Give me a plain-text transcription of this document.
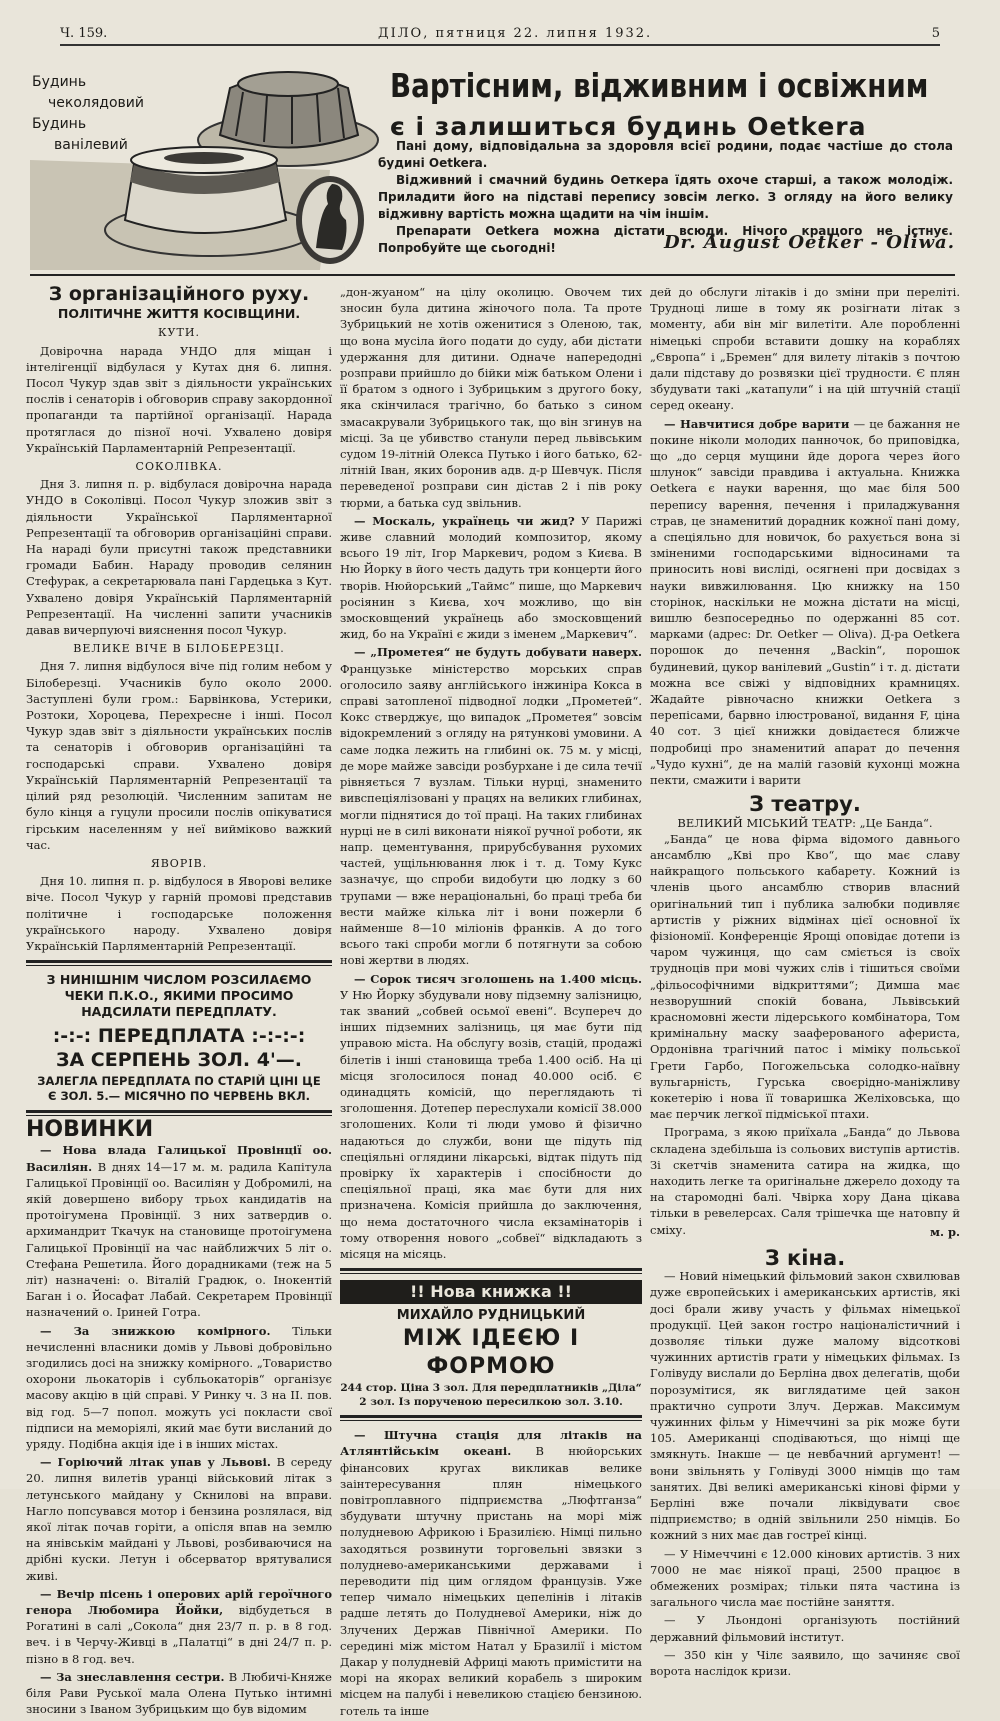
Ч. 159.	ДІЛО, пятниця 22. липня 1932.	5
Будинь
чеколядовий
Будинь
ванілевий
Вартісним, відживним і освіжним
є і залишиться будинь Oetkera

Пані дому, відповідальна за здоровля всієї родини, подає частіше до стола будині Oetkera.

Відживний і смачний будинь Оеткера їдять охоче старші, а також молодіж. Приладити його на підставі перепису зовсім легко. З огляду на його велику відживну вартість можна щадити на чім іншім.

Препарати Oetkera можна дістати всюди. Нічого кращого не істнує. Попробуйте ще сьогодні!	Dr. August Oetker - Oliwa.
З організаційного руху.
ПОЛІТИЧНЕ ЖИТТЯ КОСІВЩИНИ.
КУТИ.

Довірочна нарада УНДО для міщан і інтелігенції відбулася у Кутах дня 6. липня. Посол Чукур здав звіт з діяльности українських послів і сенаторів і обговорив справу закордонної пропаганди та партійної організації. Нарада протяглася до пізної ночі. Ухвалено довіря Українській Парламентарній Репрезентації.

СОКОЛІВКА.

Дня 3. липня п. р. відбулася довірочна нарада УНДО в Соколівці. Посол Чукур зложив звіт з діяльности Української Парляментарної Репрезентації та обговорив організаційні справи. На нараді були присутні також представники громади Бабин. Нараду проводив селянин Стефурак, а секретарювала пані Гардецька з Кут. Ухвалено довіря Українській Парляментарній Репрезентації. На численні запити учасників давав вичерпуючі вияснення посол Чукур.

ВЕЛИКЕ ВІЧЕ В БІЛОБЕРЕЗЦІ.

Дня 7. липня відбулося віче під голим небом у Білоберезці. Учасників було около 2000. Заступлені були гром.: Барвінкова, Устерики, Розтоки, Хороцева, Перехресне і інші. Посол Чукур здав звіт з діяльности українських послів та сенаторів і обговорив організаційні та господарські справи. Ухвалено довіря Українській Парляментарній Репрезентації та цілий ряд резолюцій. Численним запитам не було кінця а гуцули просили послів опікуватися гірським населенням у неї вийміково важкий час.

ЯВОРІВ.

Дня 10. липня п. р. відбулося в Яворові велике віче. Посол Чукур у гарній промові представив політичне і господарське положення українського народу. Ухвалено довіря Українській Парляментарній Репрезентації.

З НИНІШНІМ ЧИСЛОМ РОЗСИЛАЄМО ЧЕКИ П.К.О., ЯКИМИ ПРОСИМО НАДСИЛАТИ ПЕРЕДПЛАТУ.
:-:-: ПЕРЕДПЛАТА :-:-:-:
ЗА СЕРПЕНЬ ЗОЛ. 4'—.
ЗАЛЕГЛА ПЕРЕДПЛАТА ПО СТАРІЙ ЦІНІ ЦЕ Є ЗОЛ. 5.— МІСЯЧНО ПО ЧЕРВЕНЬ ВКЛ.
НОВИНКИ

— Нова влада Галицької Провінції оо. Василіян. В днях 14—17 м. м. радила Капітула Галицької Провінції оо. Василіян у Добромилі, на якій довершено вибору трьох кандидатів на протоігумена Провінції. З них затвердив о. архимандрит Ткачук на становище протоігумена Галицької Провінції на час найближчих 5 літ о. Стефана Решетила. Його дорадниками (теж на 5 літ) назначені: о. Віталій Градюк, о. Інокентій Баган і о. Йосафат Лабай. Секретарем Провінції назначений о. Іриней Готра.

— За знижкою комірного. Тільки нечисленні власники домів у Львові добровільно згодились досі на знижку комірного. „Товариство охорони льокаторів і субльокаторів“ організує масову акцію в цій справі. У Ринку ч. 3 на II. пов. від год. 5—7 попол. можуть усі покласти свої підписи на меморіялі, який має бути висланий до уряду. Подібна акція іде і в інших містах.

— Горіючий літак упав у Львові. В середу 20. липня вилетів уранці військовий літак з летунського майдану у Скнилові на вправи. Нагло попсувався мотор і бензина розлялася, від якої літак почав горіти, а опісля впав на землю на янівськім майдані у Львові, розбиваючися на дрібні куски. Летун і обсерватор врятувалися живі.

— Вечір пісень і оперових арій героїчного генора Любомира Йойки, відбудеться в Рогатині в салі „Сокола“ дня 23/7 п. р. в 8 год. веч. і в Черчу-Живці в „Палатці“ в дні 24/7 п. р. пізно в 8 год. веч.

— За знеславлення сестри. В Любичі-Княже біля Рави Руської мала Олена Путько інтимні зносини з Іваном Зубрицьким що був відомим

„дон-жуаном“ на цілу околицю. Овочем тих зносин була дитина жіночого пола. Та проте Зубрицький не хотів оженитися з Оленою, так, що вона мусіла його подати до суду, аби дістати удержання для дитини. Одначе напередодні розправи прийшло до бійки між батьком Олени і її братом з одного і Зубрицьким з другого боку, яка скінчилася трагічно, бо батько з сином змасакрували Зубрицького так, що він згинув на місці. За це убивство станули перед львівським судом 19-літній Олекса Путько і його батько, 62-літній Іван, яких боронив адв. д-р Шевчук. Після переведеної розправи син дістав 2 і пів року тюрми, а батька суд звільнив.

— Москаль, українець чи жид? У Парижі живе славний молодий композитор, якому всього 19 літ, Ігор Маркевич, родом з Києва. В Ню Йорку в його честь дадуть три концерти його творів. Нюйорський „Таймс“ пише, що Маркевич росіянин з Києва, хоч можливо, що він змосковщений українець або змосковщений жид, бо на Україні є жиди з іменем „Маркевич“.

— „Прометея“ не будуть добувати наверх. Французьке міністерство морських справ оголосило заяву англійського інжиніра Кокса в справі затопленої підводної лодки „Прометей“. Кокс стверджує, що випадок „Прометея“ зовсім відокремлений з огляду на рятункові умовини. А саме лодка лежить на глибині ок. 75 м. у місці, де море майже завсіди розбурхане і де сила течії рівняється 7 вузлам. Тільки нурці, знаменито вивспеціялізовані у працях на великих глибинах, могли піднятися до тої праці. На таких глибинах нурці не в силі виконати ніякої ручної роботи, як напр. цементування, прирубсбування рухомих частей, ущільнювання люк і т. д. Тому Кукс зазначує, що спроби видобути цю лодку з 60 трупами — вже нераціональні, бо праці треба би вести майже кілька літ і вони пожерли б найменше 8—10 міліонів франків. А до того всього такі спроби могли б потягнути за собою нові жертви в людях.

— Сорок тисяч зголошень на 1.400 місць. У Ню Йорку збудували нову підземну залізницю, так званий „собвей осьмої евені“. Всупереч до інших підземних залізниць, ця має бути під управою міста. На обслугу возів, стацій, продажі білетів і інші становища треба 1.400 осіб. На ці місця зголосилося понад 40.000 осіб. Є одинадцять комісій, що переглядають ті зголошення. Дотепер переслухали комісії 38.000 зголошених. Коли ті люди умово й фізично надаються до служби, вони ще підуть під спеціяльні оглядини лікарські, відтак підуть під провірку їх характерів і спосібности до спеціяльної праці, яка має бути для них призначена. Комісія прийшла до заключення, що нема достаточного числа екзамінаторів і тому отворення нового „собвеї“ відкладають з місяця на місяць.

!! Нова книжка !!
МИХАЙЛО РУДНИЦЬКИЙ
МІЖ ІДЕЄЮ І ФОРМОЮ
244 стор. Ціна 3 зол. Для передплатників „Діла“ 2 зол. Із порученою пересилкою зол. 3.10.

— Штучна стація для літаків на Атлянтійськім океані. В нюйорських фінансових кругах викликав велике заінтересування плян німецького повітроплавного підприємства „Люфтганза“ збудувати штучну пристань на морі між полудневою Африкою і Бразилією. Німці пильно заходяться розвинути торговельні звязки з полуднево-американськими державами і переводити під цим оглядом французів. Уже тепер чимало німецьких цепелінів і літаків радше летять до Полудневої Америки, ніж до Злучених Держав Північної Америки. По середині між містом Натал у Бразилії і містом Дакар у полудневій Африці мають примістити на морі на якорах великий корабель з широким місцем на палубі і невеликою стацією бензиною. готель та інше

дей до обслуги літаків і до зміни при переліті. Трудноці лише в тому як розігнати літак з моменту, аби він міг вилетіти. Але поробленні німецькі спроби вставити дошку на кораблях „Європа“ і „Бремен“ для вилету літаків з почтою дали підставу до розвязки цієї трудности. Є плян збудувати такі „катапули“ і на цій штучній стації серед океану.

— Навчитися добре варити — це бажання не покине ніколи молодих панночок, бо приповідка, що „до серця мущини йде дорога через його шлунок“ завсіди правдива і актуальна. Книжка Oetkera є науки варення, що має біля 500 перепису варення, печення і приладжування страв, це знаменитий дорадник кожної пані дому, а спеціяльно для новичок, бо рахується вона зі зміненими господарськими відносинами та приносить нові вислідi, осягнені при досвідах з науки вивжилювання. Цю книжку на 150 сторінок, наскільки не можна дістати на місці, вишлю безпосередньо по одержанні 85 сот. марками (адрес: Dr. Oetker — Oliva). Д-ра Oetkera порошок до печення „Backin“, порошок будиневий, цукор ванілевий „Gustin“ і т. д. дістати можна все свіжі у відповідних крамницях. Жадайте рівночасно книжки Oetkera з перепісами, барвно ілюстрованої, видання F, ціна 40 сот. З цієї книжки довідаєтеся ближче подробиці про знаменитий апарат до печення „Чудо кухні“, де на малій газовій кухонці можна пекти, смажити і варити

З театру.
ВЕЛИКИЙ МІСЬКИЙ ТЕАТР: „Це Банда“.

„Банда“ це нова фірма відомого давнього ансамблю „Кві про Кво“, що має славу найкращого польського кабарету. Кожний із членів цього ансамблю створив власний оригінальний тип і публика залюбки подивляє артистів у ріжних відмінах цієї основної їх фізіономії. Конференціє Ярощі оповідає дотепи із чаром чужинця, що сам сміється із своїх трудноців при мові чужих слів і тішиться своїми „фільософічними відкриттями“; Димша має незворушний спокій бована, Львівський красномовні жести лідерського комбінатора, Том кримінальну маску зааферованого афериста, Ордонівна трагічний патос і міміку польської Грети Гарбо, Погожельська солодко-наївну вульгарність, Гурська своєрідно-маніжливу кокетерію і нова її товаришка Желіховська, що має перчик легкої підміської птахи.

Програма, з якою приїхала „Банда“ до Львова складена здебільша із сольових виступів артистів. Зі скетчів знаменита сатира на жидка, що находить легке та оригінальне джерело доходу та на старомодні балі. Чвірка хору Дана цікава тільки в ревелерсах. Саля трішечка ще натовпу й сміху.	м. р.
З кіна.

— Новий німецький фільмовий закон схвилював дуже європейських і американських артистів, які досі брали живу участь у фільмах німецької продукції. Цей закон гостро націоналістичний і дозволяє тільки дуже малому відсоткові чужинних артистів грати у німецьких фільмах. Із Голівуду вислали до Берліна двох делегатів, щоби порозумітися, як виглядатиме цей закон практично супроти Злуч. Держав. Максимум чужинних фільм у Німеччині за рік може бути 105. Американці сподіваються, що німці ще змякнуть. Інакше — це невбачний аргумент! — вони звільнять у Голівуді 3000 німців що там занятих. Дві великі американські кінові фірми у Берліні вже почали ліквідувати своє підприємство; в одній звільнили 250 німців. Бо кожний з них має дав гостреї кінці.

— У Німеччині є 12.000 кінових артистів. З них 7000 не має ніякої праці, 2500 працює в обмежених розмірах; тільки пята частина із загального числа має постійне заняття.

— У Льондоні організують постійний державний фільмовий інститут.

— 350 кін у Чілє заявило, що зачиняє свої ворота наслідок кризи.
